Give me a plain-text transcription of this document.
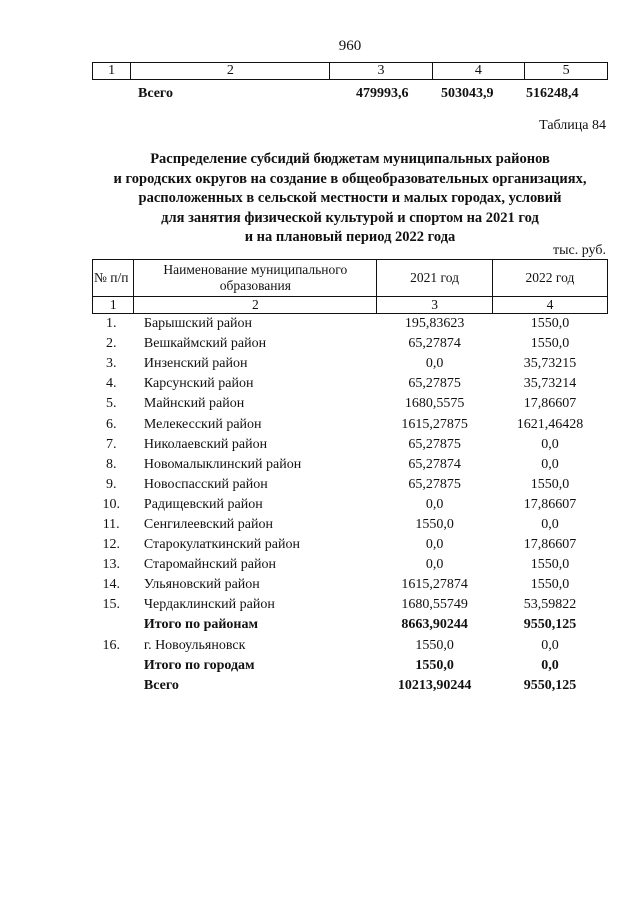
960
1	2	3	4	5
Всего	479993,6 503043,9 516248,4
Таблица 84
Распределение субсидий бюджетам муниципальных районов
и городских округов на создание в общеобразовательных организациях,
расположенных в сельской местности и малых городах, условий
для занятия физической культурой и спортом на 2021 год
и на плановый период 2022 года
тыс. руб.
№ п/п	Наименование муниципального образования	2021 год	2022 год
1	2	3	4
1.	Барышский район	195,83623	1550,0
2.	Вешкаймский район	65,27874	1550,0
3.	Инзенский район	0,0	35,73215
4.	Карсунский район	65,27875	35,73214
5.	Майнский район	1680,5575	17,86607
6.	Мелекесский район	1615,27875	1621,46428
7.	Николаевский район	65,27875	0,0
8.	Новомалыклинский район	65,27874	0,0
9.	Новоспасский район	65,27875	1550,0
10.	Радищевский район	0,0	17,86607
11.	Сенгилеевский район	1550,0	0,0
12.	Старокулаткинский район	0,0	17,86607
13.	Старомайнский район	0,0	1550,0
14.	Ульяновский район	1615,27874	1550,0
15.	Чердаклинский район	1680,55749	53,59822
	Итого по районам	8663,90244	9550,125
16.	г. Новоульяновск	1550,0	0,0
	Итого по городам	1550,0	0,0
	Всего	10213,90244	9550,125
